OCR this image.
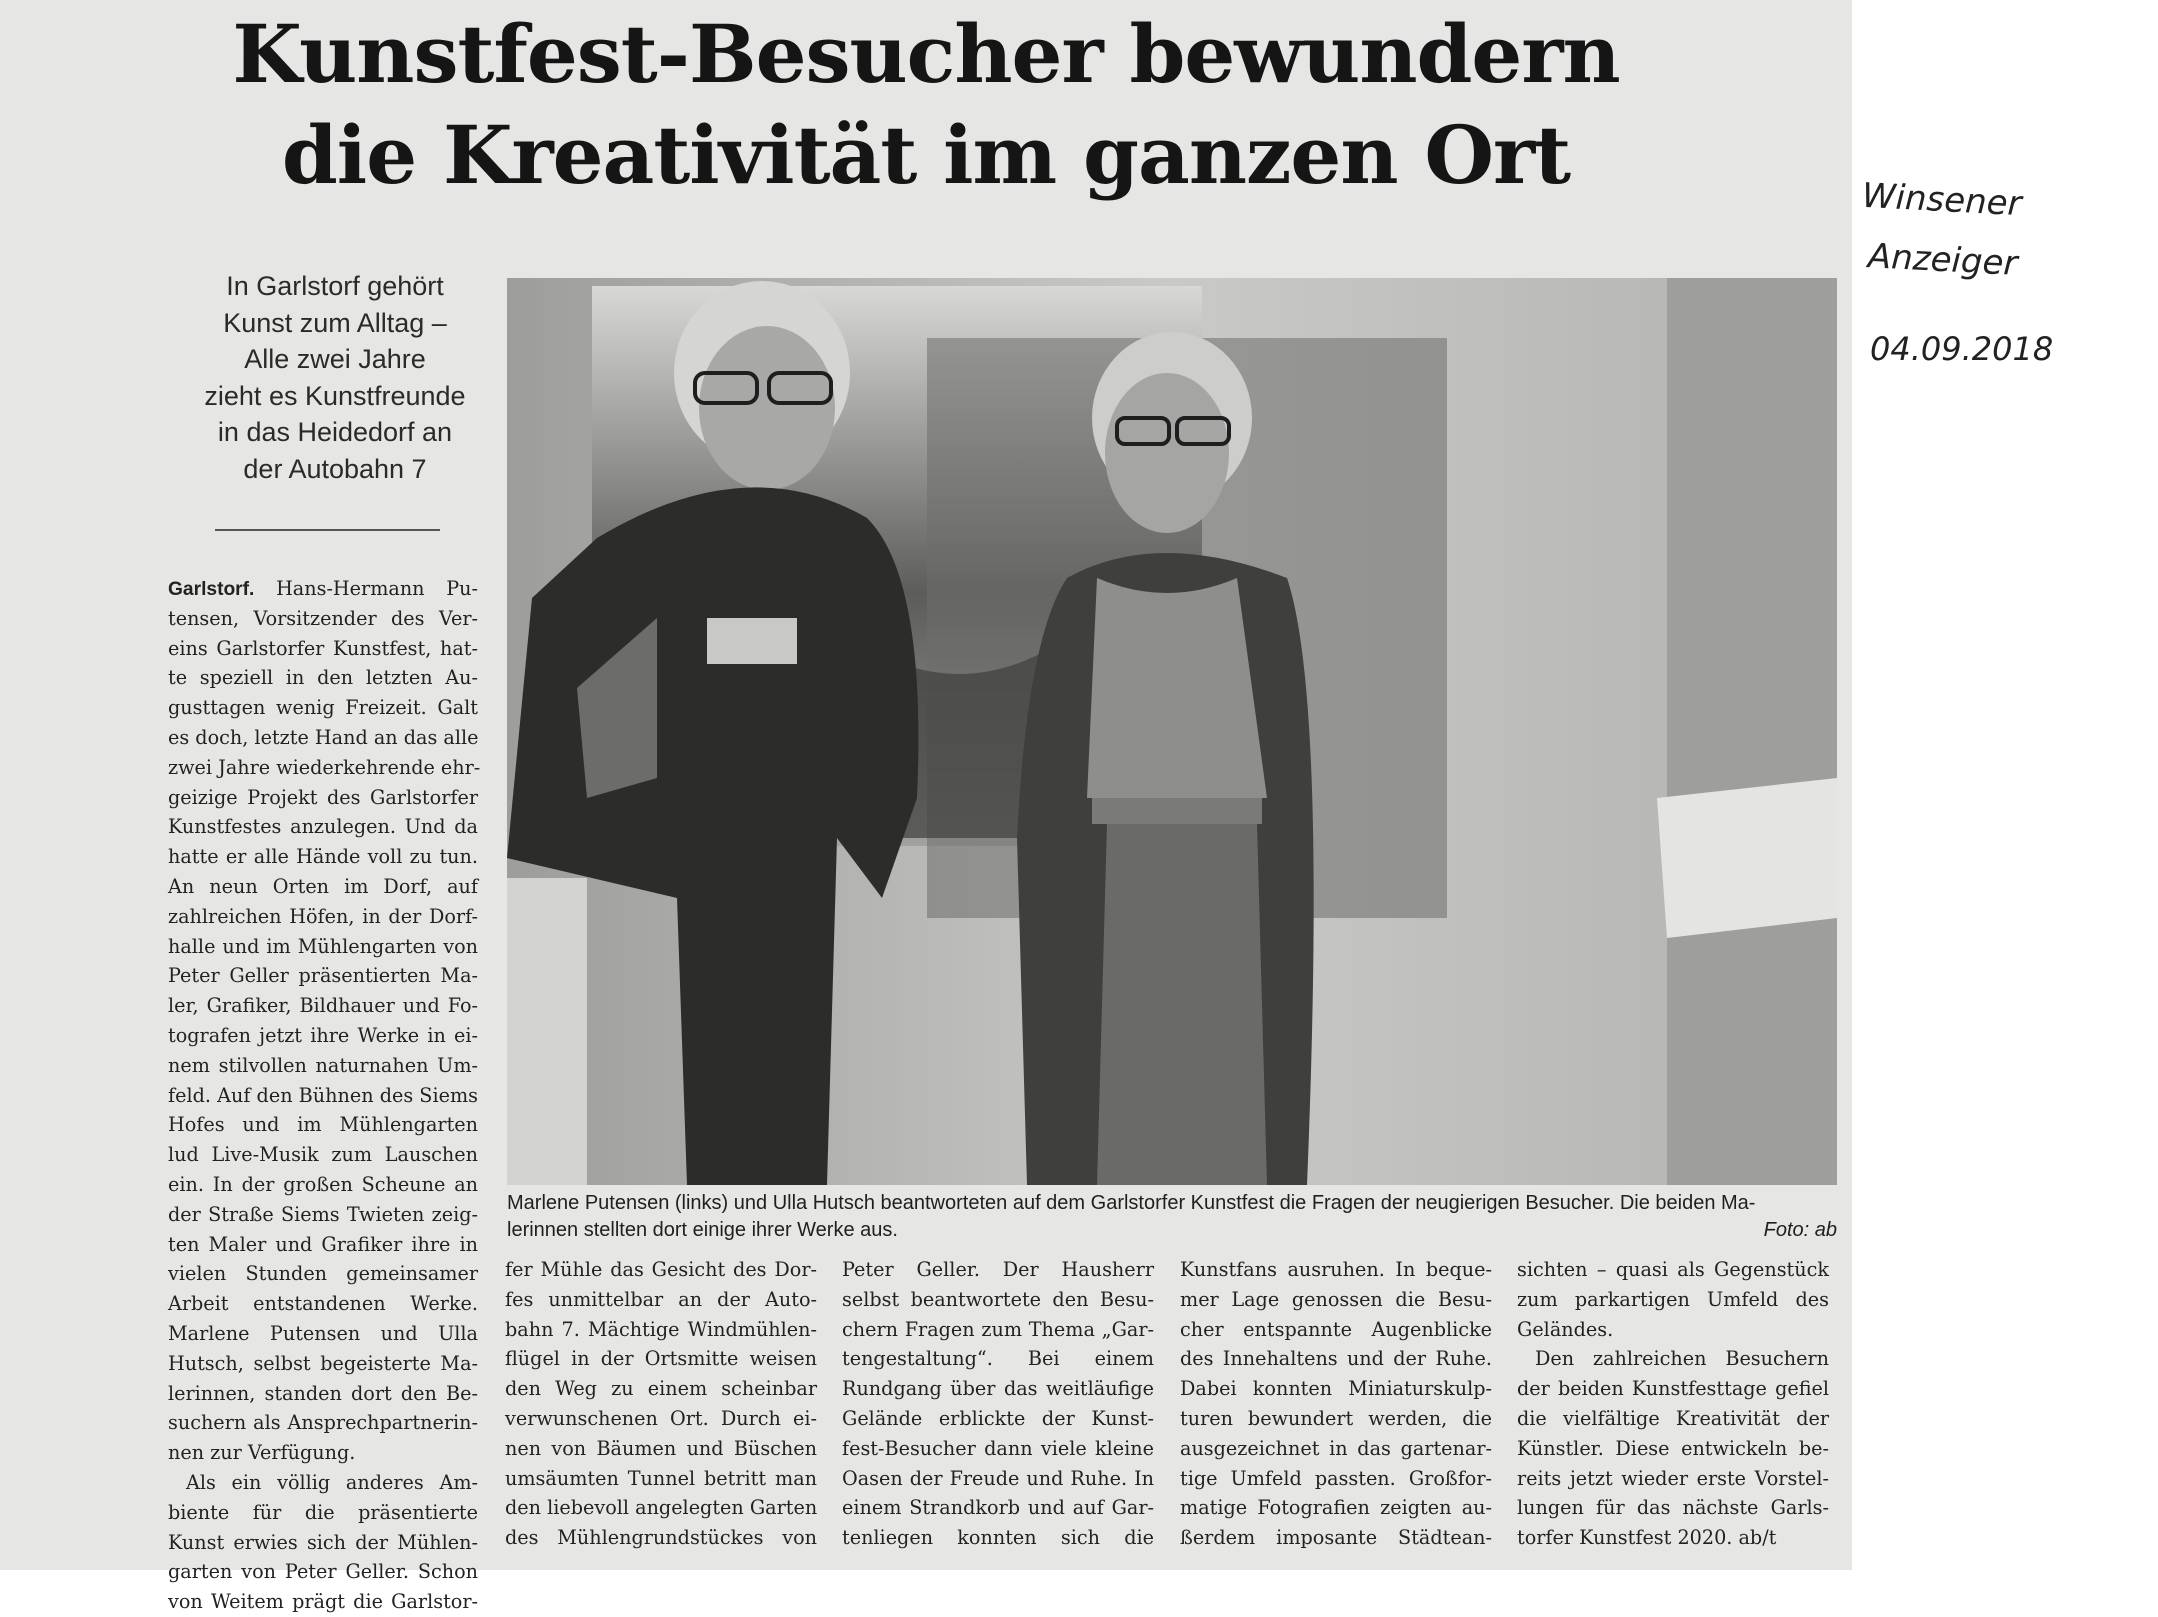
Kunstfest-Besucher bewundern
die Kreativität im ganzen Ort
In Garlstorf gehört
Kunst zum Alltag –
Alle zwei Jahre
zieht es Kunstfreunde
in das Heidedorf an
der Autobahn 7
Marlene Putensen (links) und Ulla Hutsch beantworteten auf dem Garlstorfer Kunstfest die Fragen der neugierigen Besucher. Die beiden Ma-
lerinnen stellten dort einige ihrer Werke aus.	Foto: ab
Garlstorf. Hans-Hermann Pu-
tensen, Vorsitzender des Ver-
eins Garlstorfer Kunstfest, hat-
te speziell in den letzten Au-
gusttagen wenig Freizeit. Galt
es doch, letzte Hand an das alle
zwei Jahre wiederkehrende ehr-
geizige Projekt des Garlstorfer
Kunstfestes anzulegen. Und da
hatte er alle Hände voll zu tun.
An neun Orten im Dorf, auf
zahlreichen Höfen, in der Dorf-
halle und im Mühlengarten von
Peter Geller präsentierten Ma-
ler, Grafiker, Bildhauer und Fo-
tografen jetzt ihre Werke in ei-
nem stilvollen naturnahen Um-
feld. Auf den Bühnen des Siems
Hofes und im Mühlengarten
lud Live-Musik zum Lauschen
ein. In der großen Scheune an
der Straße Siems Twieten zeig-
ten Maler und Grafiker ihre in
vielen Stunden gemeinsamer
Arbeit entstandenen Werke.
Marlene Putensen und Ulla
Hutsch, selbst begeisterte Ma-
lerinnen, standen dort den Be-
suchern als Ansprechpartnerin-
nen zur Verfügung.
Als ein völlig anderes Am-
biente für die präsentierte
Kunst erwies sich der Mühlen-
garten von Peter Geller. Schon
von Weitem prägt die Garlstor-
fer Mühle das Gesicht des Dor-
fes unmittelbar an der Auto-
bahn 7. Mächtige Windmühlen-
flügel in der Ortsmitte weisen
den Weg zu einem scheinbar
verwunschenen Ort. Durch ei-
nen von Bäumen und Büschen
umsäumten Tunnel betritt man
den liebevoll angelegten Garten
des Mühlengrundstückes von
Peter Geller. Der Hausherr
selbst beantwortete den Besu-
chern Fragen zum Thema „Gar-
tengestaltung“. Bei einem
Rundgang über das weitläufige
Gelände erblickte der Kunst-
fest-Besucher dann viele kleine
Oasen der Freude und Ruhe. In
einem Strandkorb und auf Gar-
tenliegen konnten sich die
Kunstfans ausruhen. In beque-
mer Lage genossen die Besu-
cher entspannte Augenblicke
des Innehaltens und der Ruhe.
Dabei konnten Miniaturskulp-
turen bewundert werden, die
ausgezeichnet in das gartenar-
tige Umfeld passten. Großfor-
matige Fotografien zeigten au-
ßerdem imposante Städtean-
sichten – quasi als Gegenstück
zum parkartigen Umfeld des
Geländes.
Den zahlreichen Besuchern
der beiden Kunstfesttage gefiel
die vielfältige Kreativität der
Künstler. Diese entwickeln be-
reits jetzt wieder erste Vorstel-
lungen für das nächste Garls-
torfer Kunstfest 2020. ab/t
Winsener
Anzeiger
04.09.2018
